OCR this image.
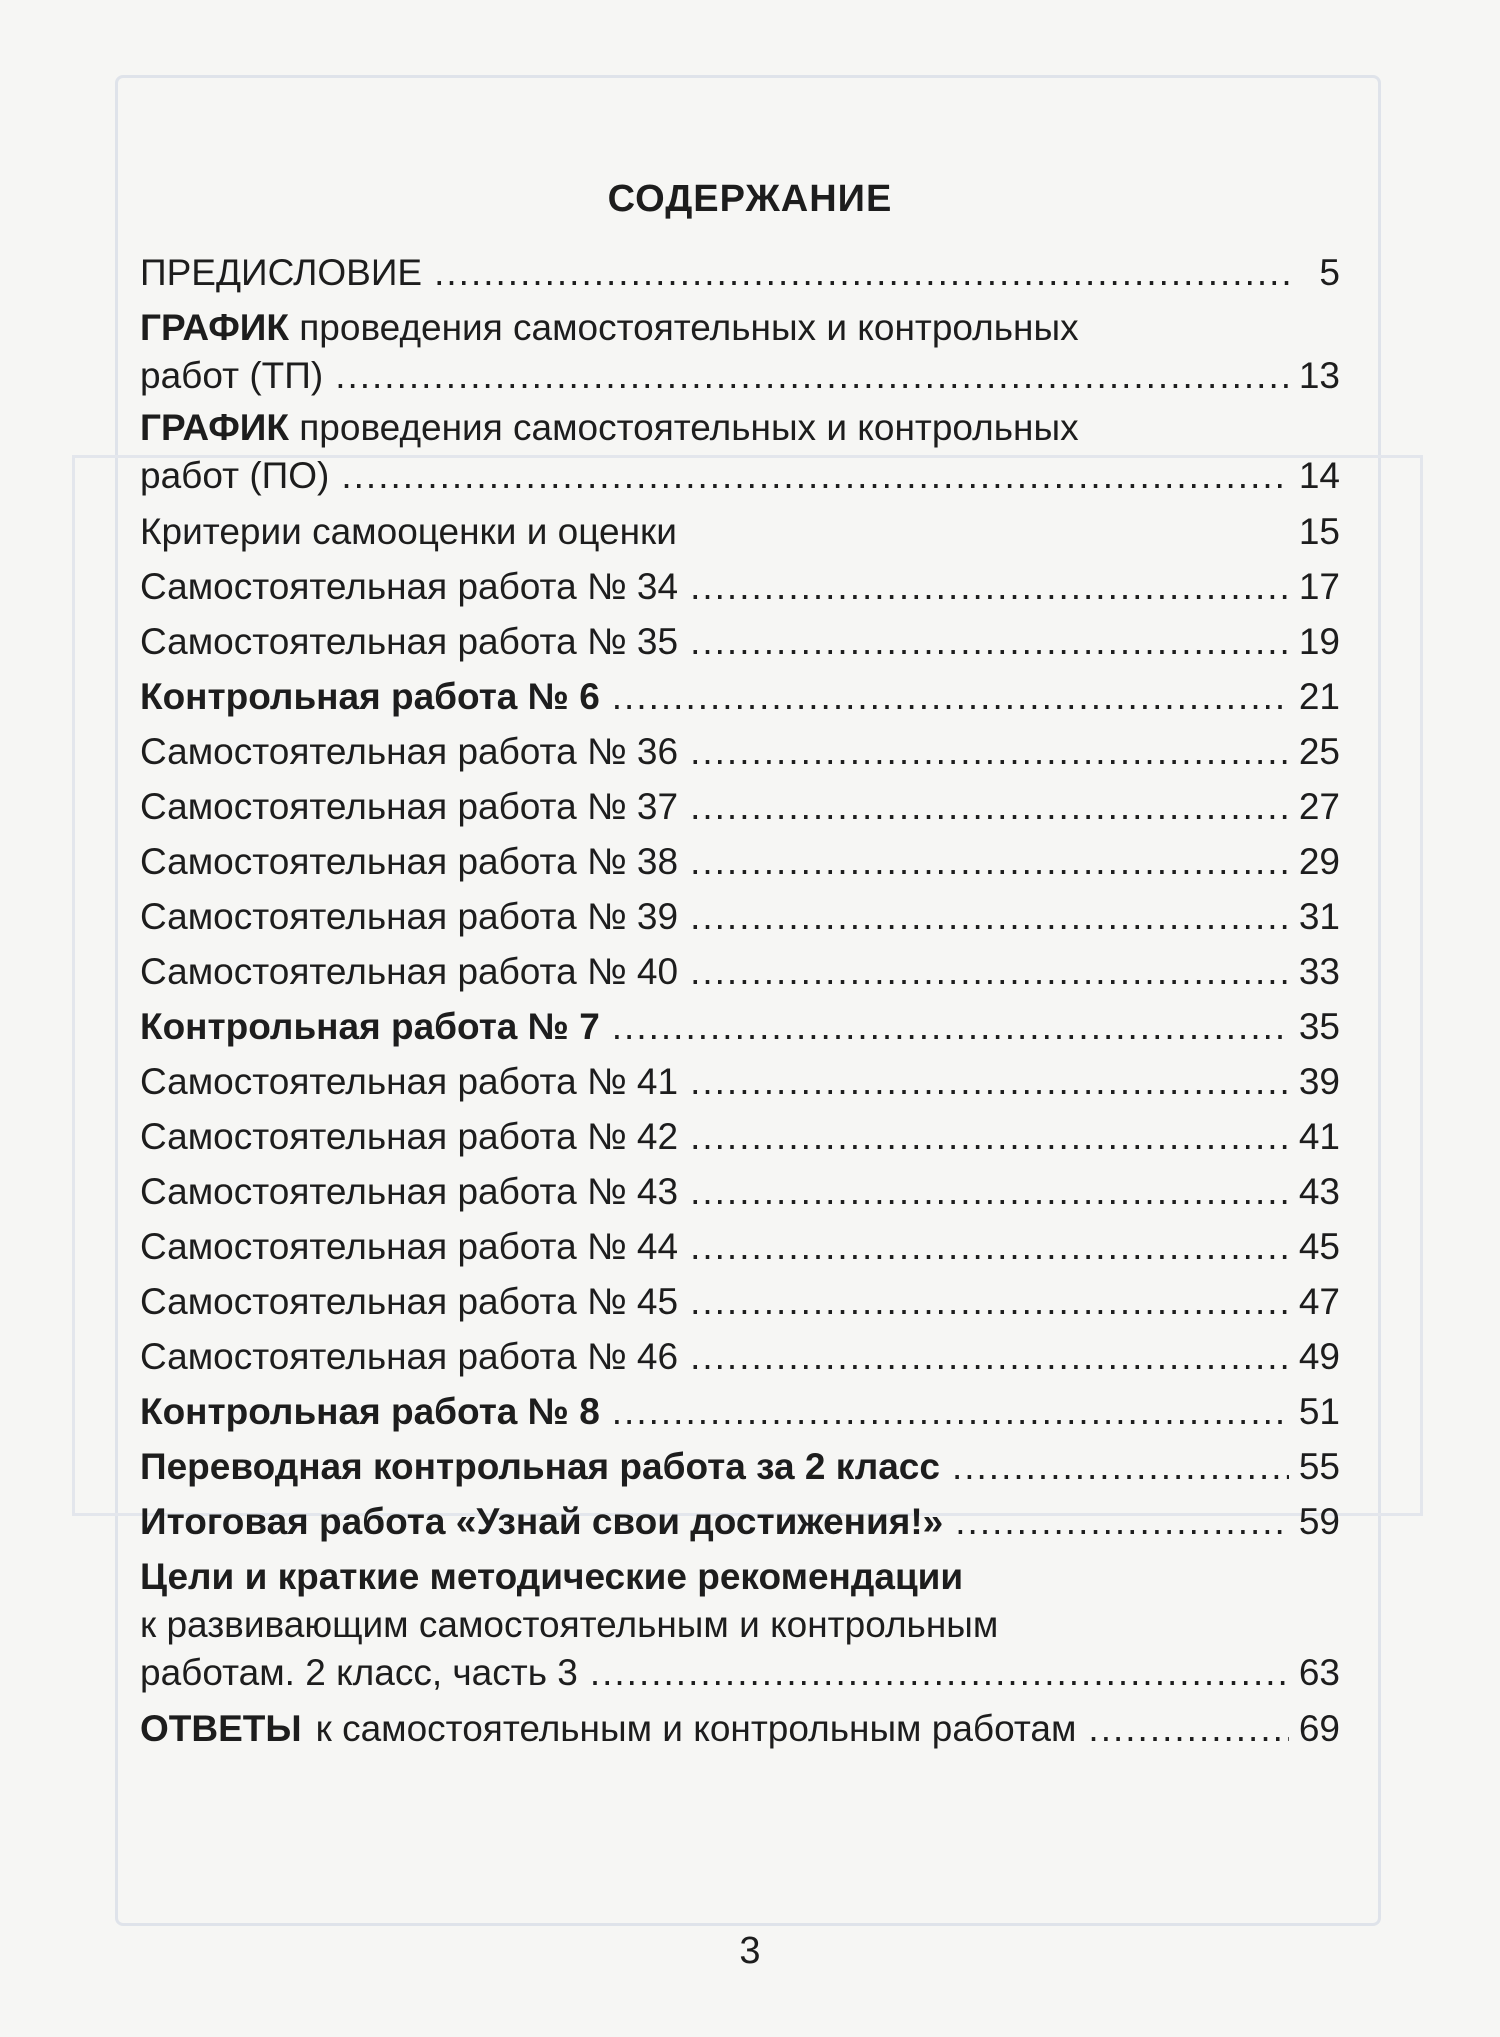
СОДЕРЖАНИЕ
ПРЕДИСЛОВИЕ .....	5
ГРАФИК проведения самостоятельных и контрольных
работ (ТП) .....	13
ГРАФИК проведения самостоятельных и контрольных
работ (ПО) .....	14
Критерии самооценки и оценки	15
Самостоятельная работа № 34 .....	17
Самостоятельная работа № 35 .....	19
Контрольная работа № 6 .....	21
Самостоятельная работа № 36 .....	25
Самостоятельная работа № 37 .....	27
Самостоятельная работа № 38 .....	29
Самостоятельная работа № 39 .....	31
Самостоятельная работа № 40 .....	33
Контрольная работа № 7 .....	35
Самостоятельная работа № 41 .....	39
Самостоятельная работа № 42 .....	41
Самостоятельная работа № 43 .....	43
Самостоятельная работа № 44 .....	45
Самостоятельная работа № 45 .....	47
Самостоятельная работа № 46 .....	49
Контрольная работа № 8 .....	51
Переводная контрольная работа за 2 класс .....	55
Итоговая работа «Узнай свои достижения!» .....	59
Цели и краткие методические рекомендации
к развивающим самостоятельным и контрольным
работам. 2 класс, часть 3 .....	63
ОТВЕТЫ к самостоятельным и контрольным работам .....	69
3
